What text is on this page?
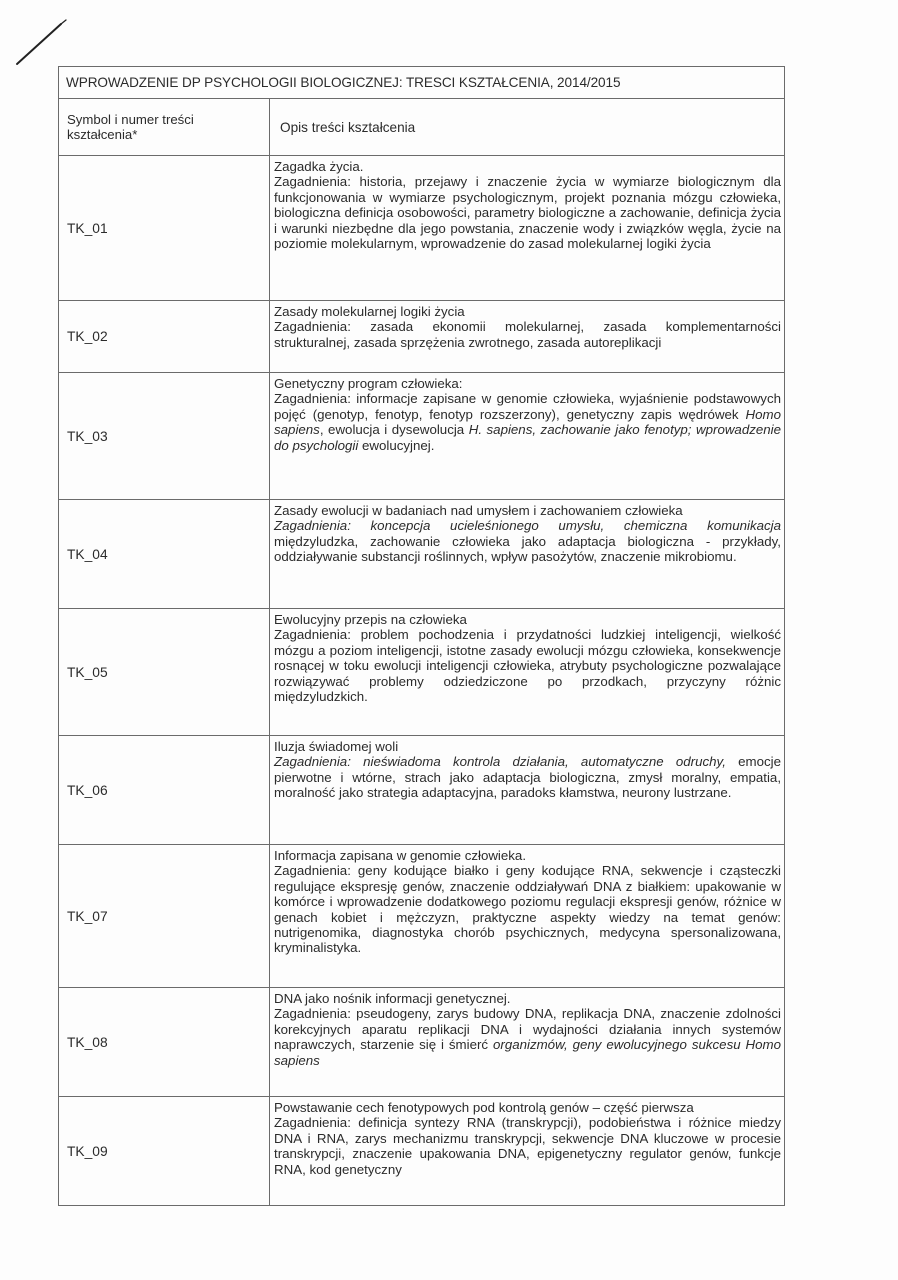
WPROWADZENIE DP PSYCHOLOGII BIOLOGICZNEJ: TRESCI KSZTAŁCENIA, 2014/2015	
Symbol i numer treści kształcenia*	Opis treści kształcenia
TK_01	Zagadka życia.
Zagadnienia: historia, przejawy i znaczenie życia w wymiarze biologicznym dla funkcjonowania w wymiarze psychologicznym, projekt poznania mózgu człowieka, biologiczna definicja osobowości, parametry biologiczne a zachowanie, definicja życia i warunki niezbędne dla jego powstania, znaczenie wody i związków węgla, życie na poziomie molekularnym, wprowadzenie do zasad molekularnej logiki życia

TK_02	Zasady molekularnej logiki życia
Zagadnienia: zasada ekonomii molekularnej, zasada komplementarności strukturalnej, zasada sprzężenia zwrotnego, zasada autoreplikacji

TK_03	Genetyczny program człowieka:
Zagadnienia: informacje zapisane w genomie człowieka, wyjaśnienie podstawowych pojęć (genotyp, fenotyp, fenotyp rozszerzony), genetyczny zapis wędrówek Homo sapiens, ewolucja i dysewolucja H. sapiens, zachowanie jako fenotyp; wprowadzenie do psychologii ewolucyjnej.

TK_04	Zasady ewolucji w badaniach nad umysłem i zachowaniem człowieka
Zagadnienia: koncepcja ucieleśnionego umysłu, chemiczna komunikacja międzyludzka, zachowanie człowieka jako adaptacja biologiczna - przykłady, oddziaływanie substancji roślinnych, wpływ pasożytów, znaczenie mikrobiomu.

TK_05	Ewolucyjny przepis na człowieka
Zagadnienia: problem pochodzenia i przydatności ludzkiej inteligencji, wielkość mózgu a poziom inteligencji, istotne zasady ewolucji mózgu człowieka, konsekwencje rosnącej w toku ewolucji inteligencji człowieka, atrybuty psychologiczne pozwalające rozwiązywać problemy odziedziczone po przodkach, przyczyny różnic międzyludzkich.

TK_06	Iluzja świadomej woli
Zagadnienia: nieświadoma kontrola działania, automatyczne odruchy, emocje pierwotne i wtórne, strach jako adaptacja biologiczna, zmysł moralny, empatia, moralność jako strategia adaptacyjna, paradoks kłamstwa, neurony lustrzane.

TK_07	Informacja zapisana w genomie człowieka.
Zagadnienia: geny kodujące białko i geny kodujące RNA, sekwencje i cząsteczki regulujące ekspresję genów, znaczenie oddziaływań DNA z białkiem: upakowanie w komórce i wprowadzenie dodatkowego poziomu regulacji ekspresji genów, różnice w genach kobiet i mężczyzn, praktyczne aspekty wiedzy na temat genów: nutrigenomika, diagnostyka chorób psychicznych, medycyna spersonalizowana, kryminalistyka.

TK_08	DNA jako nośnik informacji genetycznej.
Zagadnienia: pseudogeny, zarys budowy DNA, replikacja DNA, znaczenie zdolności korekcyjnych aparatu replikacji DNA i wydajności działania innych systemów naprawczych, starzenie się i śmierć organizmów, geny ewolucyjnego sukcesu Homo sapiens

TK_09	Powstawanie cech fenotypowych pod kontrolą genów – część pierwsza
Zagadnienia: definicja syntezy RNA (transkrypcji), podobieństwa i różnice miedzy DNA i RNA, zarys mechanizmu transkrypcji, sekwencje DNA kluczowe w procesie transkrypcji, znaczenie upakowania DNA, epigenetyczny regulator genów, funkcje RNA, kod genetyczny
